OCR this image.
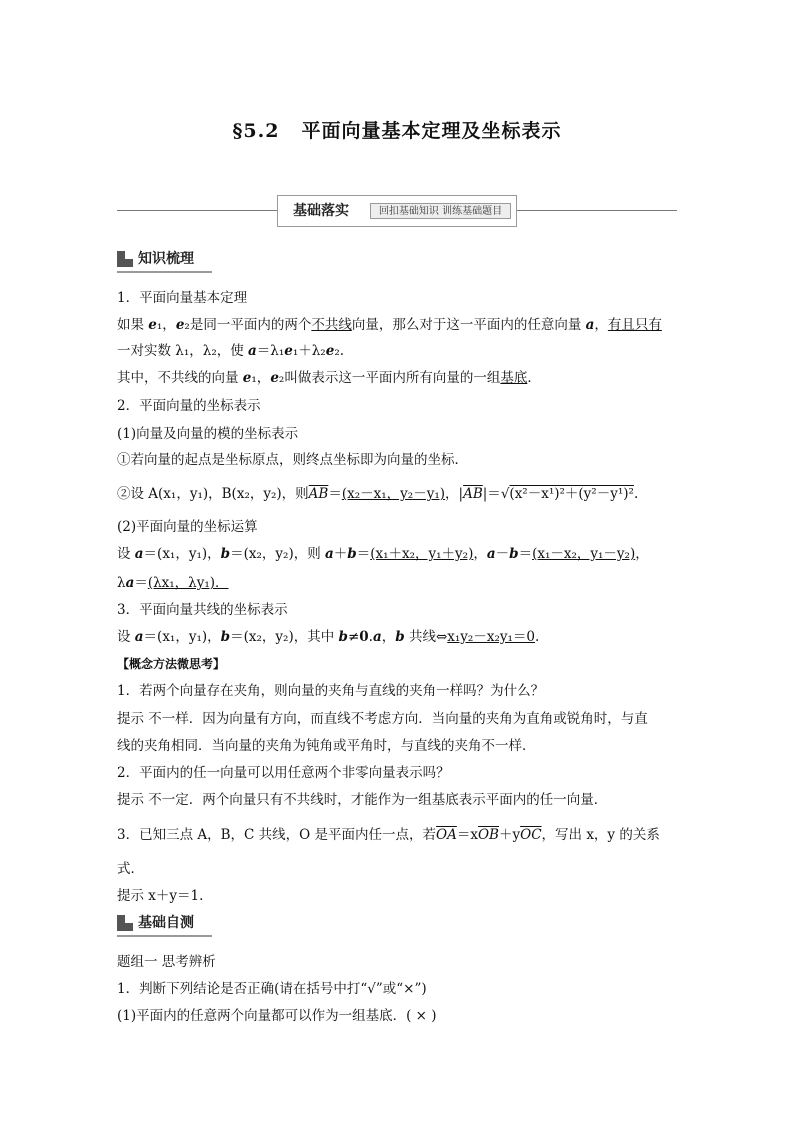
§5.2 平面向量基本定理及坐标表示
基础落实	回扣基础知识 训练基础题目
知识梳理
1．平面向量基本定理
如果 e₁，e₂是同一平面内的两个不共线向量，那么对于这一平面内的任意向量 a，有且只有
一对实数 λ₁，λ₂，使 a＝λ₁e₁＋λ₂e₂.
其中，不共线的向量 e₁，e₂叫做表示这一平面内所有向量的一组基底．
2．平面向量的坐标表示
(1)向量及向量的模的坐标表示
①若向量的起点是坐标原点，则终点坐标即为向量的坐标．
②设 A(x₁，y₁)，B(x₂，y₂)，则$\overline{AB}=(x_2-x_1$，y₂－y₁)，$|\overline{AB}|=√(x^2-x^1)^2+(y^2-y^1)^2$.
(2)平面向量的坐标运算
设 a＝(x₁，y₁)，b＝(x₂，y₂)，则 a＋b＝(x₁＋x₂，y₁＋y₂)，a－b＝(x₁－x₂，y₁－y₂)，
λa＝(λx₁，λy₁)．
3．平面向量共线的坐标表示
设 a＝(x₁，y₁)，b＝(x₂，y₂)，其中 b≠0.a，b 共线⇔x₁y₂－x₂y₁＝0.
【概念方法微思考】
1．若两个向量存在夹角，则向量的夹角与直线的夹角一样吗？为什么？
提示 不一样．因为向量有方向，而直线不考虑方向．当向量的夹角为直角或锐角时，与直
线的夹角相同．当向量的夹角为钝角或平角时，与直线的夹角不一样．
2．平面内的任一向量可以用任意两个非零向量表示吗？
提示 不一定．两个向量只有不共线时，才能作为一组基底表示平面内的任一向量．
3．已知三点 A，B，C 共线，O 是平面内任一点，若$\overline{OA}=x\overline{OB}+y\overline{OC}$，写出 x，y 的关系
式．
提示 x＋y＝1.
基础自测
题组一 思考辨析
1．判断下列结论是否正确(请在括号中打“√”或“×”)
(1)平面内的任意两个向量都可以作为一组基底．( × )
